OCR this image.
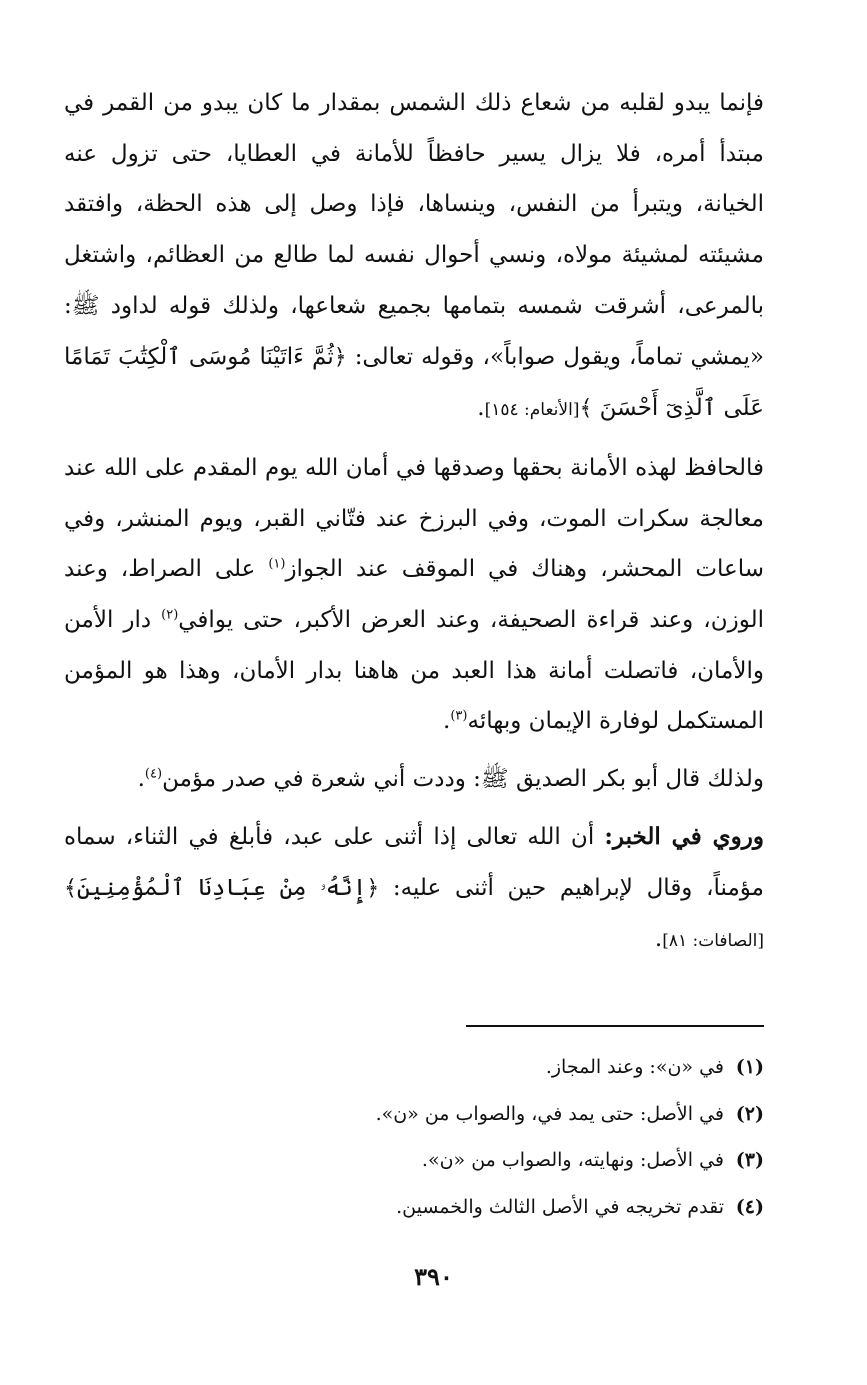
فإنما يبدو لقلبه من شعاع ذلك الشمس بمقدار ما كان يبدو من القمر في مبتدأ أمره، فلا يزال يسير حافظاً للأمانة في العطايا، حتى تزول عنه الخيانة، ويتبرأ من النفس، وينساها، فإذا وصل إلى هذه الحظة، وافتقد مشيئته لمشيئة مولاه، ونسي أحوال نفسه لما طالع من العظائم، واشتغل بالمرعى، أشرقت شمسه بتمامها بجميع شعاعها، ولذلك قوله لداود ﷺ: «يمشي تماماً، ويقول صواباً»، وقوله تعالى: ﴿ثُمَّ ءَاتَيْنَا مُوسَى ٱلْكِتَٰبَ تَمَامًا عَلَى ٱلَّذِىٓ أَحْسَنَ ﴾[الأنعام: ١٥٤].

فالحافظ لهذه الأمانة بحقها وصدقها في أمان الله يوم المقدم على الله عند معالجة سكرات الموت، وفي البرزخ عند فتّاني القبر، ويوم المنشر، وفي ساعات المحشر، وهناك في الموقف عند الجواز$^{(١)}$ على الصراط، وعند الوزن، وعند قراءة الصحيفة، وعند العرض الأكبر، حتى يوافي$^{(٢)}$ دار الأمن والأمان، فاتصلت أمانة هذا العبد من هاهنا بدار الأمان، وهذا هو المؤمن المستكمل لوفارة الإيمان وبهائه$^{(٣)}$.

ولذلك قال أبو بكر الصديق ﷺ: وددت أني شعرة في صدر مؤمن$^{(٤)}$.

وروي في الخبر: أن الله تعالى إذا أثنى على عبد، فأبلغ في الثناء، سماه مؤمناً، وقال لإبراهيم حين أثنى عليه: ﴿إِنَّهُۥ مِنْ عِبَادِنَا ٱلْمُؤْمِنِينَ﴾[الصافات: ٨١].

(١)في «ن»: وعند المجاز.
(٢)في الأصل: حتى يمد في، والصواب من «ن».
(٣)في الأصل: ونهايته، والصواب من «ن».
(٤)تقدم تخريجه في الأصل الثالث والخمسين.
٣٩٠
